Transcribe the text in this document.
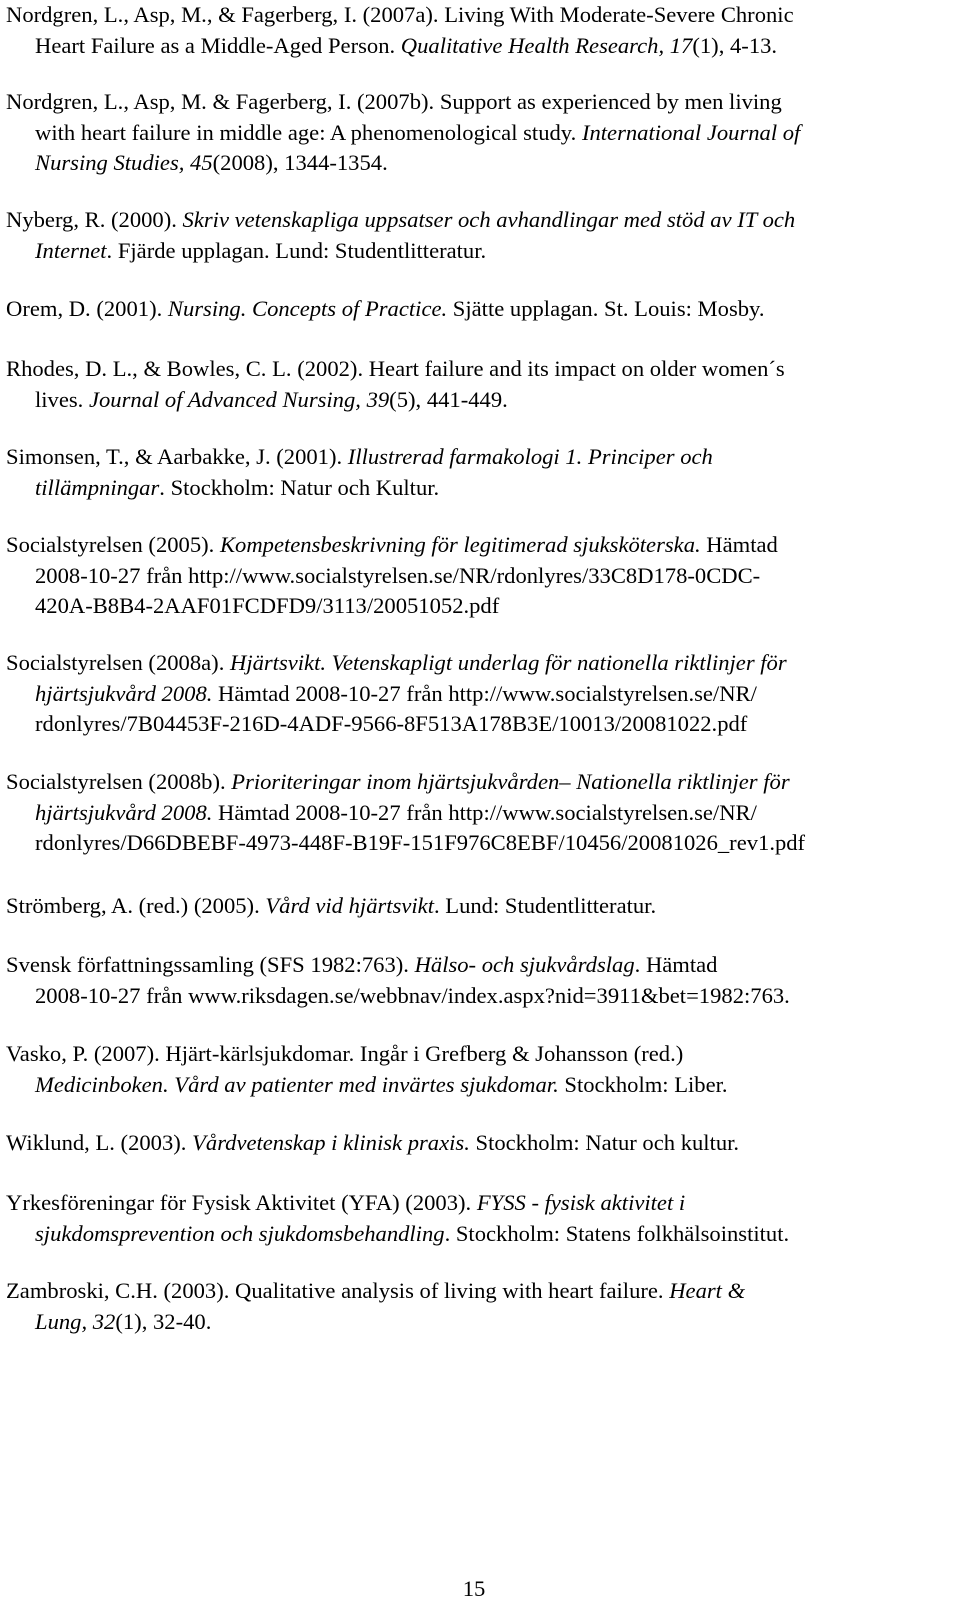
Nordgren, L., Asp, M., & Fagerberg, I. (2007a). Living With Moderate-Severe Chronic
Heart Failure as a Middle-Aged Person. Qualitative Health Research, 17(1), 4-13.
Nordgren, L., Asp, M. & Fagerberg, I. (2007b). Support as experienced by men living
with heart failure in middle age: A phenomenological study. International Journal of
Nursing Studies, 45(2008), 1344-1354.
Nyberg, R. (2000). Skriv vetenskapliga uppsatser och avhandlingar med stöd av IT och
Internet. Fjärde upplagan. Lund: Studentlitteratur.
Orem, D. (2001). Nursing. Concepts of Practice. Sjätte upplagan. St. Louis: Mosby.
Rhodes, D. L., & Bowles, C. L. (2002). Heart failure and its impact on older women´s
lives. Journal of Advanced Nursing, 39(5), 441-449.
Simonsen, T., & Aarbakke, J. (2001). Illustrerad farmakologi 1. Principer och
tillämpningar. Stockholm: Natur och Kultur.
Socialstyrelsen (2005). Kompetensbeskrivning för legitimerad sjuksköterska. Hämtad
2008-10-27 från http://www.socialstyrelsen.se/NR/rdonlyres/33C8D178-0CDC-
420A-B8B4-2AAF01FCDFD9/3113/20051052.pdf
Socialstyrelsen (2008a). Hjärtsvikt. Vetenskapligt underlag för nationella riktlinjer för
hjärtsjukvård 2008. Hämtad 2008-10-27 från http://www.socialstyrelsen.se/NR/
rdonlyres/7B04453F-216D-4ADF-9566-8F513A178B3E/10013/20081022.pdf
Socialstyrelsen (2008b). Prioriteringar inom hjärtsjukvården– Nationella riktlinjer för
hjärtsjukvård 2008. Hämtad 2008-10-27 från http://www.socialstyrelsen.se/NR/
rdonlyres/D66DBEBF-4973-448F-B19F-151F976C8EBF/10456/20081026_rev1.pdf
Strömberg, A. (red.) (2005). Vård vid hjärtsvikt. Lund: Studentlitteratur.
Svensk författningssamling (SFS 1982:763). Hälso- och sjukvårdslag. Hämtad
2008-10-27 från www.riksdagen.se/webbnav/index.aspx?nid=3911&bet=1982:763.
Vasko, P. (2007). Hjärt-kärlsjukdomar. Ingår i Grefberg & Johansson (red.)
Medicinboken. Vård av patienter med invärtes sjukdomar. Stockholm: Liber.
Wiklund, L. (2003). Vårdvetenskap i klinisk praxis. Stockholm: Natur och kultur.
Yrkesföreningar för Fysisk Aktivitet (YFA) (2003). FYSS - fysisk aktivitet i
sjukdomsprevention och sjukdomsbehandling. Stockholm: Statens folkhälsoinstitut.
Zambroski, C.H. (2003). Qualitative analysis of living with heart failure. Heart &
Lung, 32(1), 32-40.
15
